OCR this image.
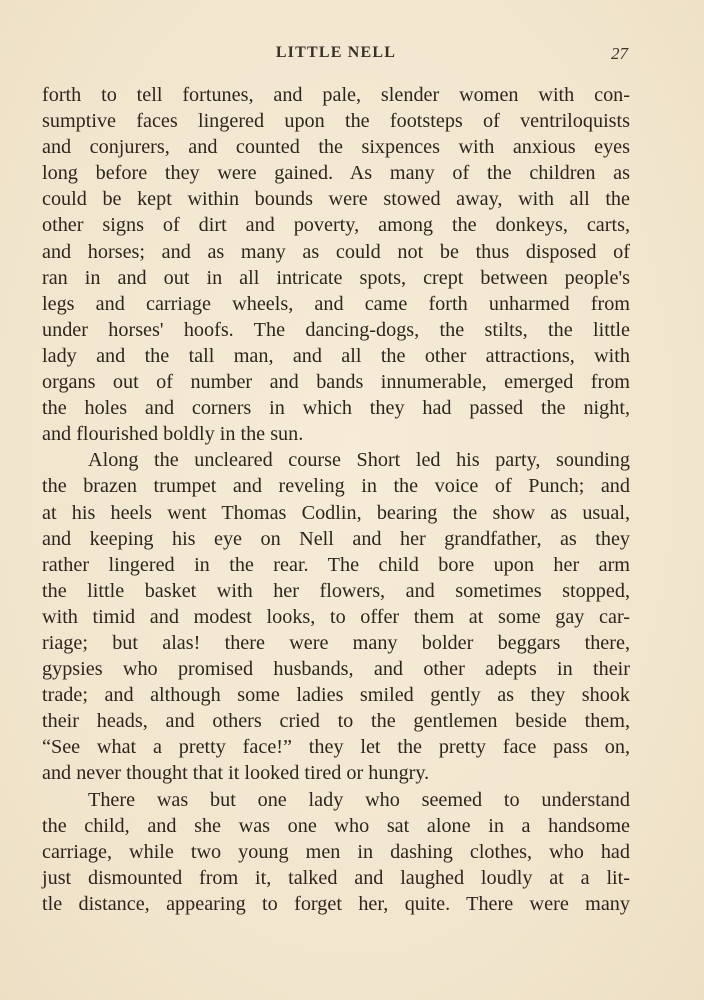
LITTLE NELL	27
forth to tell fortunes, and pale, slender women with con-
sumptive faces lingered upon the footsteps of ventriloquists
and conjurers, and counted the sixpences with anxious eyes
long before they were gained. As many of the children as
could be kept within bounds were stowed away, with all the
other signs of dirt and poverty, among the donkeys, carts,
and horses; and as many as could not be thus disposed of
ran in and out in all intricate spots, crept between people's
legs and carriage wheels, and came forth unharmed from
under horses' hoofs. The dancing-dogs, the stilts, the little
lady and the tall man, and all the other attractions, with
organs out of number and bands innumerable, emerged from
the holes and corners in which they had passed the night,
and flourished boldly in the sun.
Along the uncleared course Short led his party, sounding
the brazen trumpet and reveling in the voice of Punch; and
at his heels went Thomas Codlin, bearing the show as usual,
and keeping his eye on Nell and her grandfather, as they
rather lingered in the rear. The child bore upon her arm
the little basket with her flowers, and sometimes stopped,
with timid and modest looks, to offer them at some gay car-
riage; but alas! there were many bolder beggars there,
gypsies who promised husbands, and other adepts in their
trade; and although some ladies smiled gently as they shook
their heads, and others cried to the gentlemen beside them,
“See what a pretty face!” they let the pretty face pass on,
and never thought that it looked tired or hungry.
There was but one lady who seemed to understand
the child, and she was one who sat alone in a handsome
carriage, while two young men in dashing clothes, who had
just dismounted from it, talked and laughed loudly at a lit-
tle distance, appearing to forget her, quite. There were many
